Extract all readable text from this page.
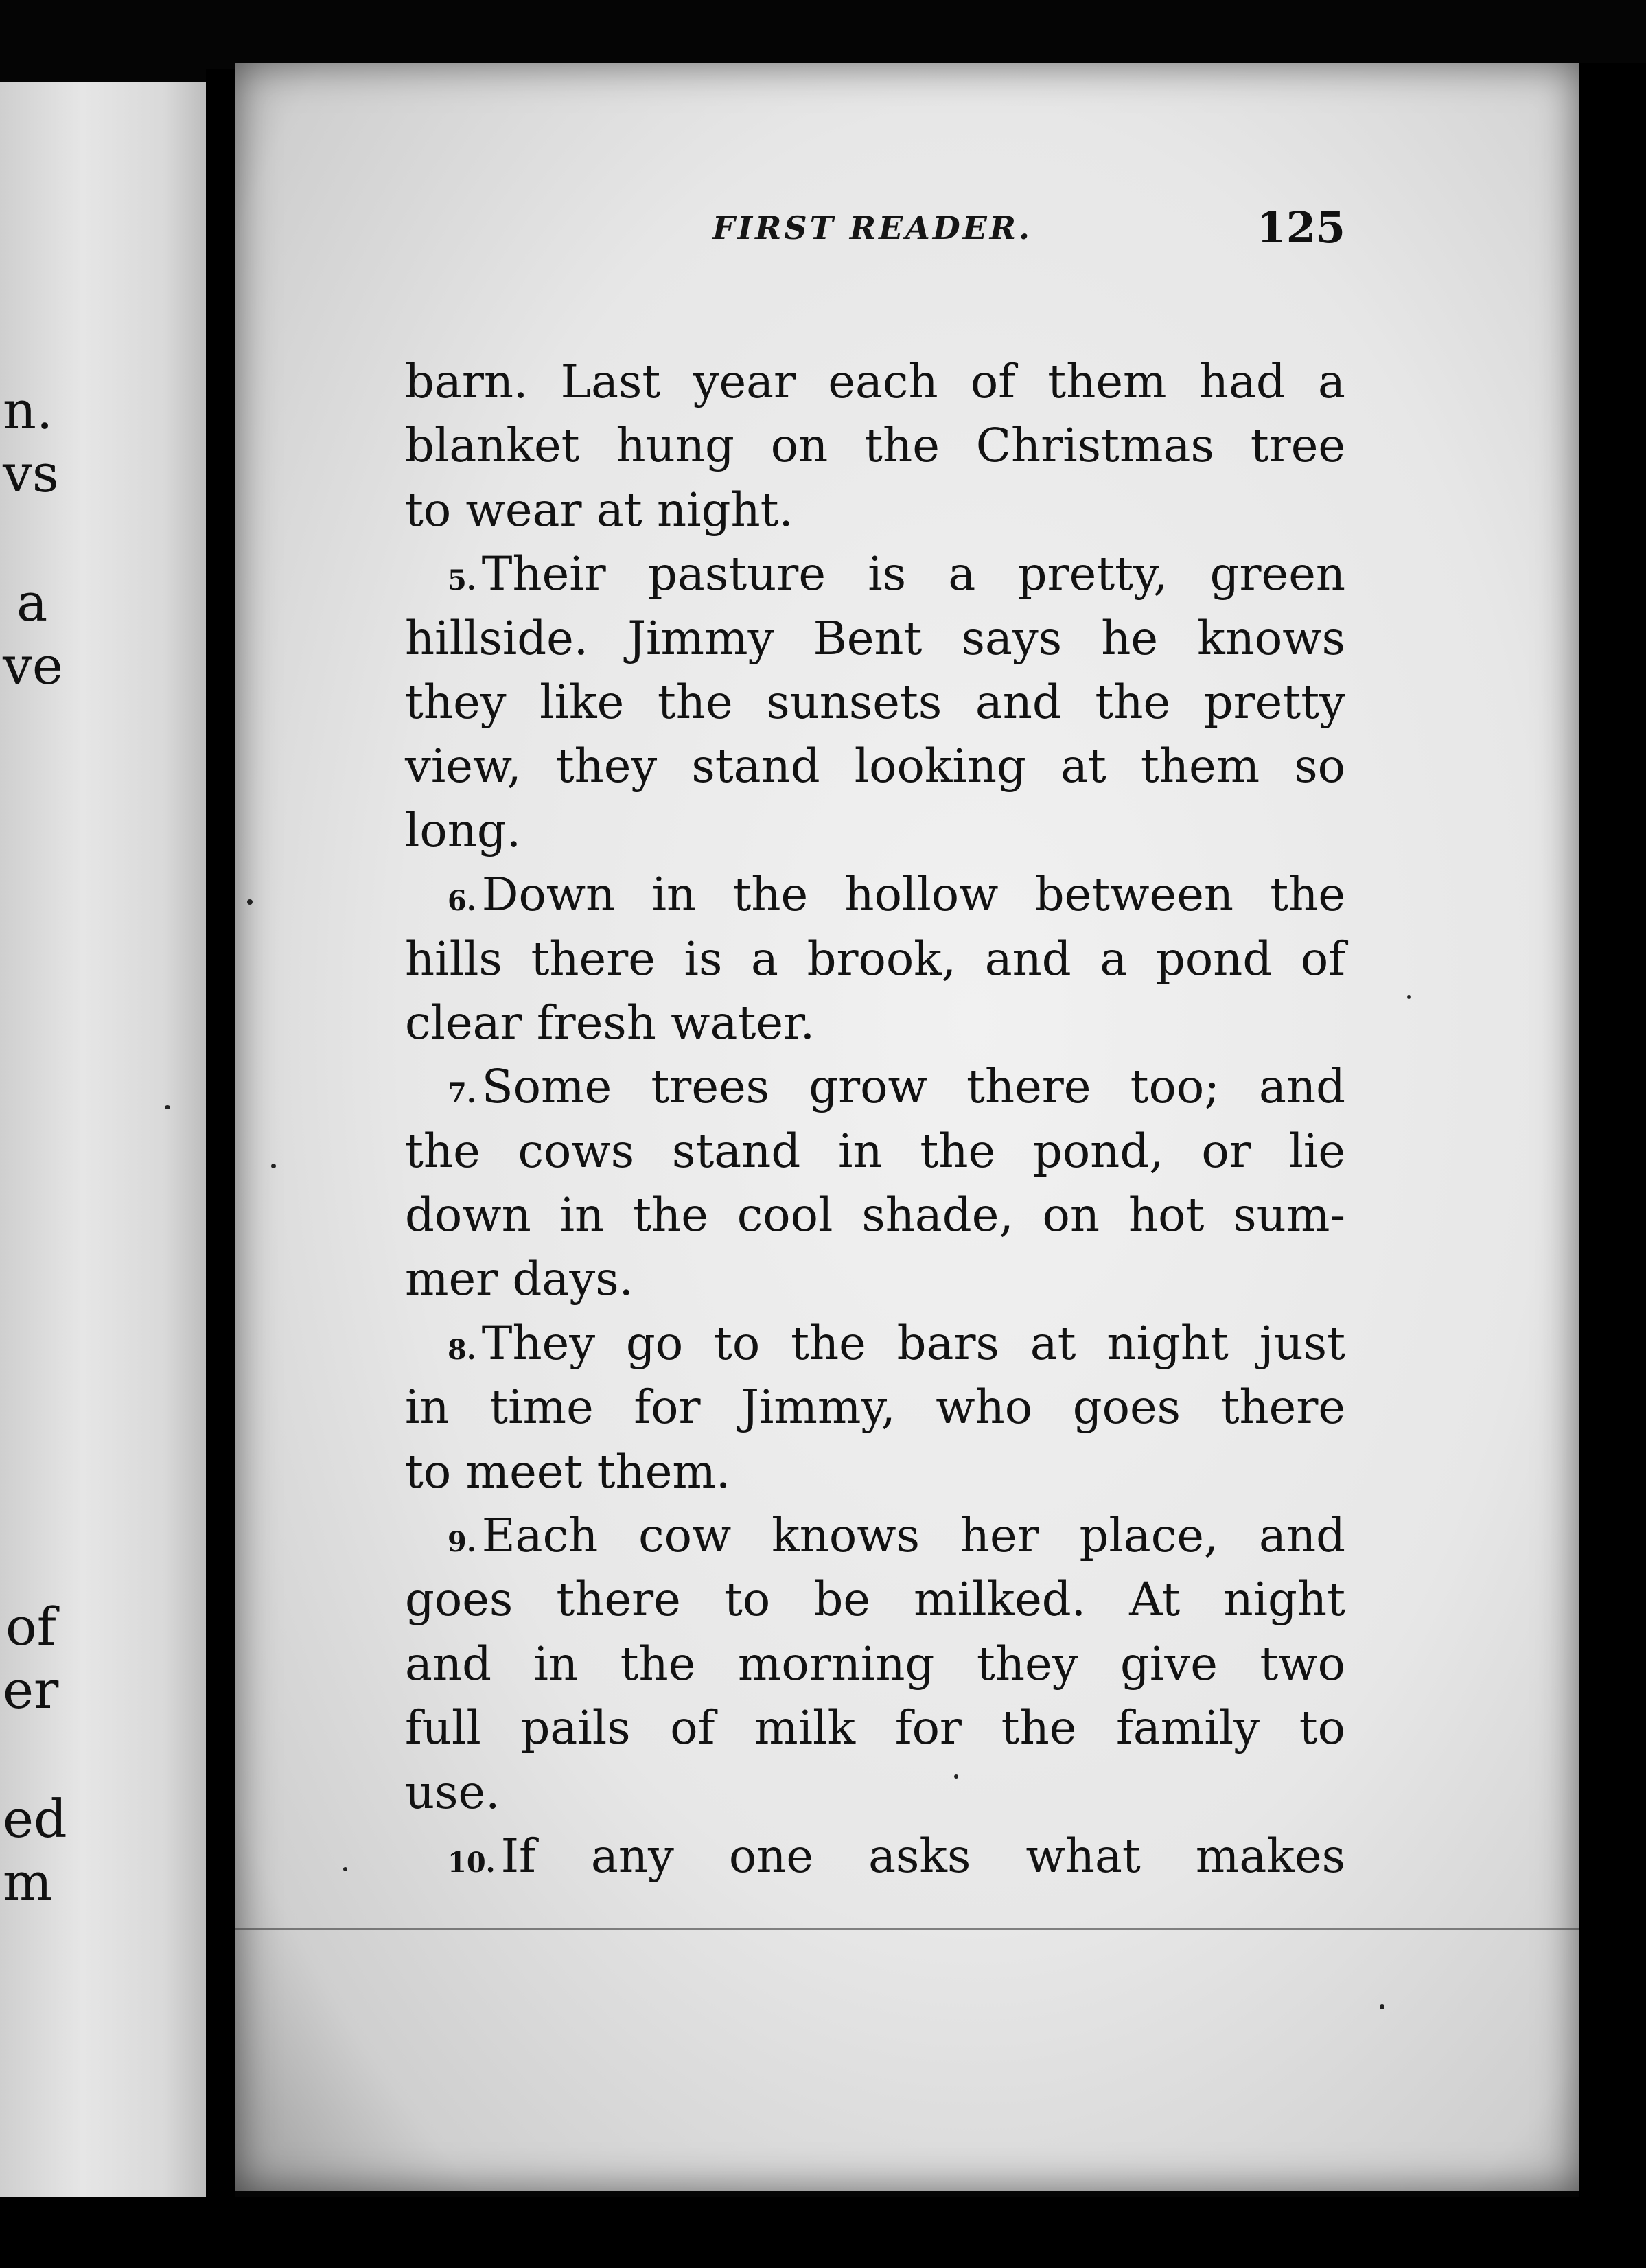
n.
vs
a
ve
of
er
ed
m
FIRST READER.	125
barn. Last year each of them had a
blanket hung on the Christmas tree
to wear at night.
5. Their pasture is a pretty, green
hillside. Jimmy Bent says he knows
they like the sunsets and the pretty
view, they stand looking at them so
long.
6. Down in the hollow between the
hills there is a brook, and a pond of
clear fresh water.
7. Some trees grow there too; and
the cows stand in the pond, or lie
down in the cool shade, on hot sum-
mer days.
8. They go to the bars at night just
in time for Jimmy, who goes there
to meet them.
9. Each cow knows her place, and
goes there to be milked. At night
and in the morning they give two
full pails of milk for the family to
use.
10. If any one asks what makes
